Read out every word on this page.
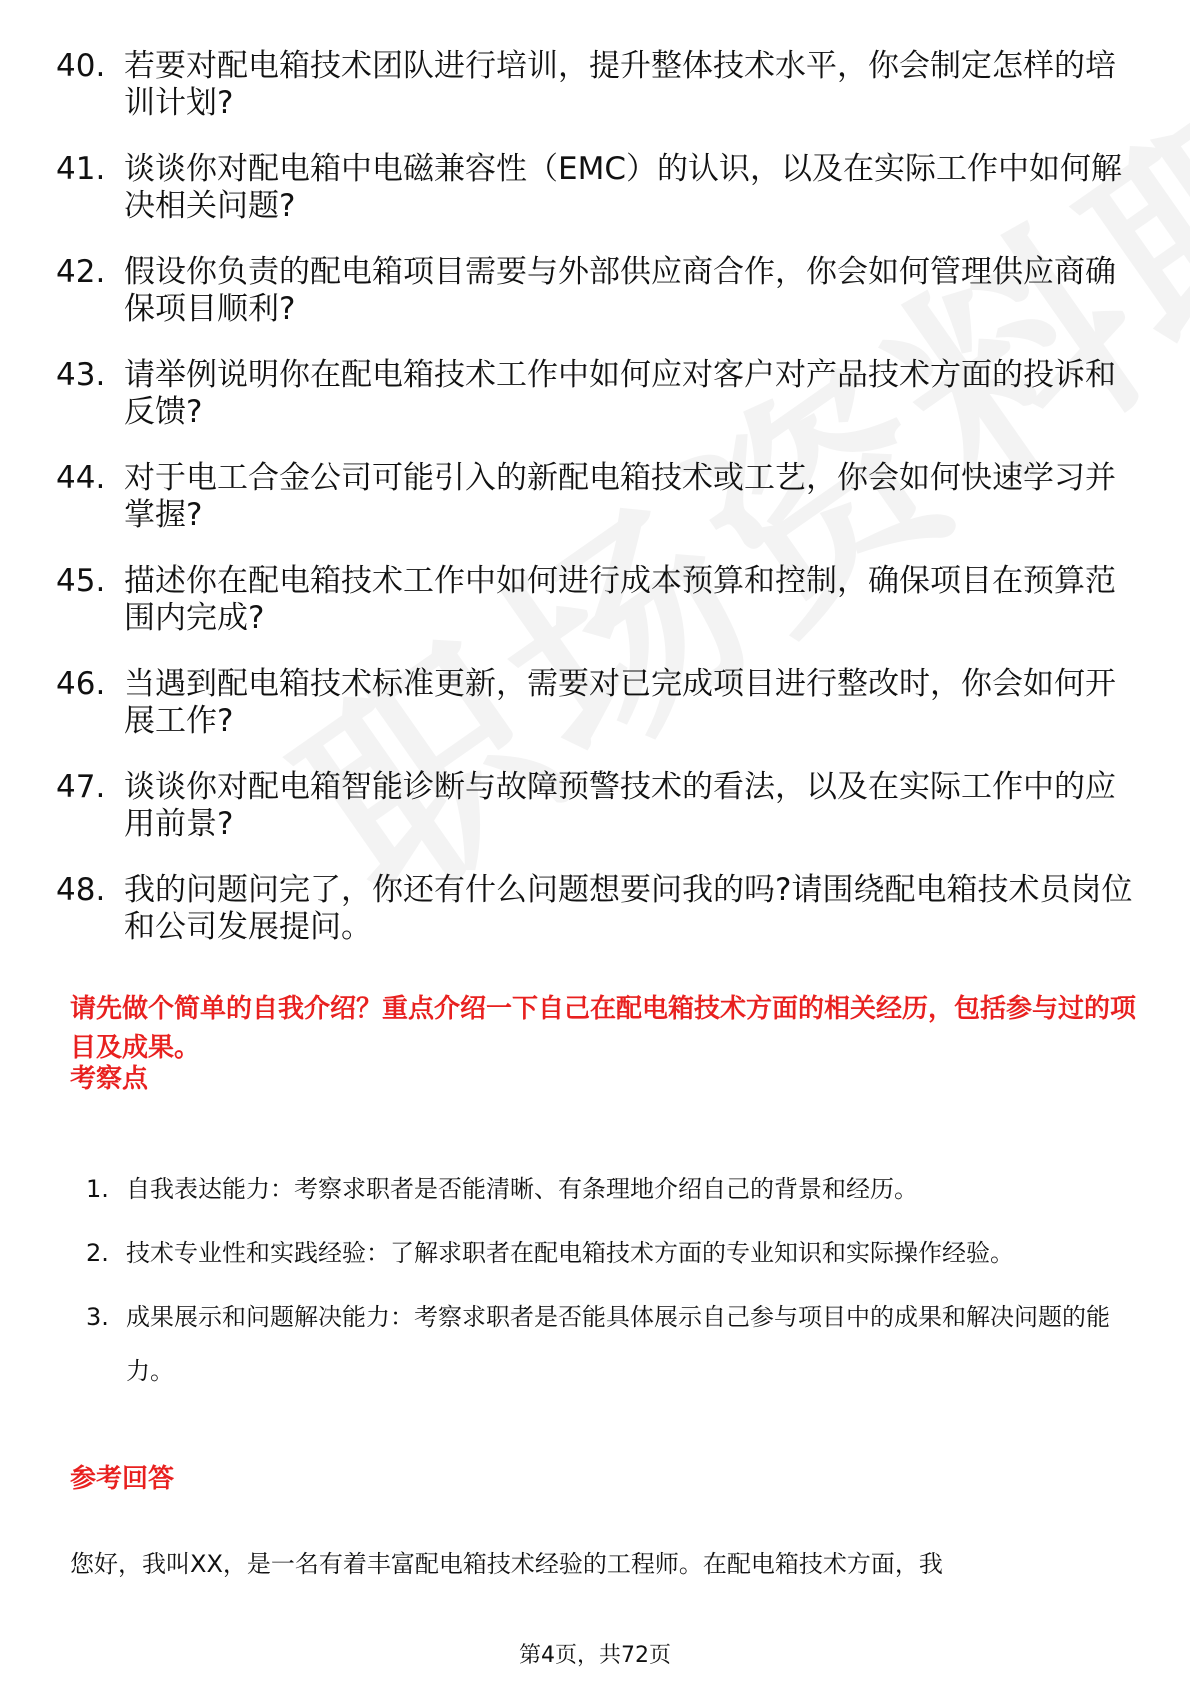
40. 若要对配电箱技术团队进行培训，提升整体技术水平，你会制定怎样的培训计划?
41. 谈谈你对配电箱中电磁兼容性（EMC）的认识，以及在实际工作中如何解决相关问题?
42. 假设你负责的配电箱项目需要与外部供应商合作，你会如何管理供应商确保项目顺利?
43. 请举例说明你在配电箱技术工作中如何应对客户对产品技术方面的投诉和反馈?
44. 对于电工合金公司可能引入的新配电箱技术或工艺，你会如何快速学习并掌握?
45. 描述你在配电箱技术工作中如何进行成本预算和控制，确保项目在预算范围内完成?
46. 当遇到配电箱技术标准更新，需要对已完成项目进行整改时，你会如何开展工作?
47. 谈谈你对配电箱智能诊断与故障预警技术的看法，以及在实际工作中的应用前景?
48. 我的问题问完了，你还有什么问题想要问我的吗?请围绕配电箱技术员岗位和公司发展提问。
请先做个简单的自我介绍？重点介绍一下自己在配电箱技术方面的相关经历，包括参与过的项目及成果。
考察点
1. 自我表达能力：考察求职者是否能清晰、有条理地介绍自己的背景和经历。
2. 技术专业性和实践经验：了解求职者在配电箱技术方面的专业知识和实际操作经验。
3. 成果展示和问题解决能力：考察求职者是否能具体展示自己参与项目中的成果和解决问题的能力。
参考回答
您好，我叫XX，是一名有着丰富配电箱技术经验的工程师。在配电箱技术方面，我
第4页，共72页
